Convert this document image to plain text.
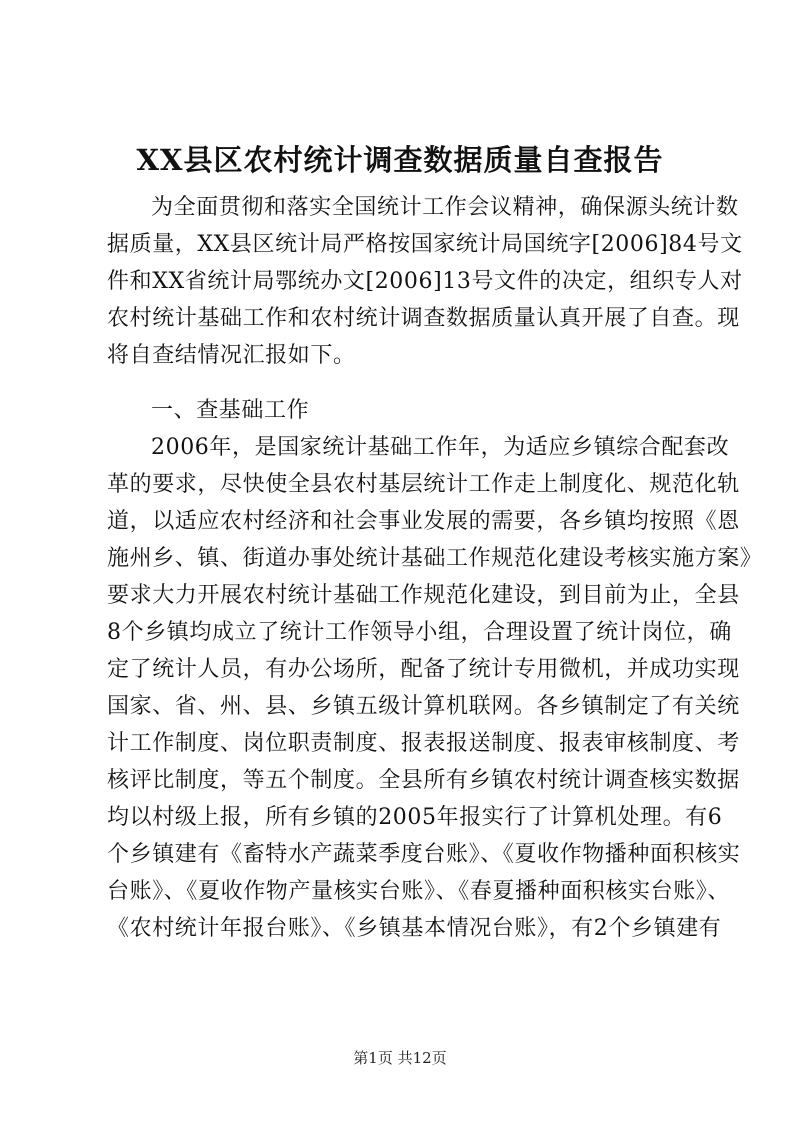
XX县区农村统计调查数据质量自查报告
为全面贯彻和落实全国统计工作会议精神，确保源头统计数
据质量，XX县区统计局严格按国家统计局国统字[2006]84号文
件和XX省统计局鄂统办文[2006]13号文件的决定，组织专人对
农村统计基础工作和农村统计调查数据质量认真开展了自查。现
将自查结情况汇报如下。
一、查基础工作
2006年，是国家统计基础工作年，为适应乡镇综合配套改
革的要求，尽快使全县农村基层统计工作走上制度化、规范化轨
道，以适应农村经济和社会事业发展的需要，各乡镇均按照《恩
施州乡、镇、街道办事处统计基础工作规范化建设考核实施方案》
要求大力开展农村统计基础工作规范化建设，到目前为止，全县
8个乡镇均成立了统计工作领导小组，合理设置了统计岗位，确
定了统计人员，有办公场所，配备了统计专用微机，并成功实现
国家、省、州、县、乡镇五级计算机联网。各乡镇制定了有关统
计工作制度、岗位职责制度、报表报送制度、报表审核制度、考
核评比制度，等五个制度。全县所有乡镇农村统计调查核实数据
均以村级上报，所有乡镇的2005年报实行了计算机处理。有6
个乡镇建有《畜特水产蔬菜季度台账》、《夏收作物播种面积核实
台账》、《夏收作物产量核实台账》、《春夏播种面积核实台账》、
《农村统计年报台账》、《乡镇基本情况台账》，有2个乡镇建有
第1页 共12页
